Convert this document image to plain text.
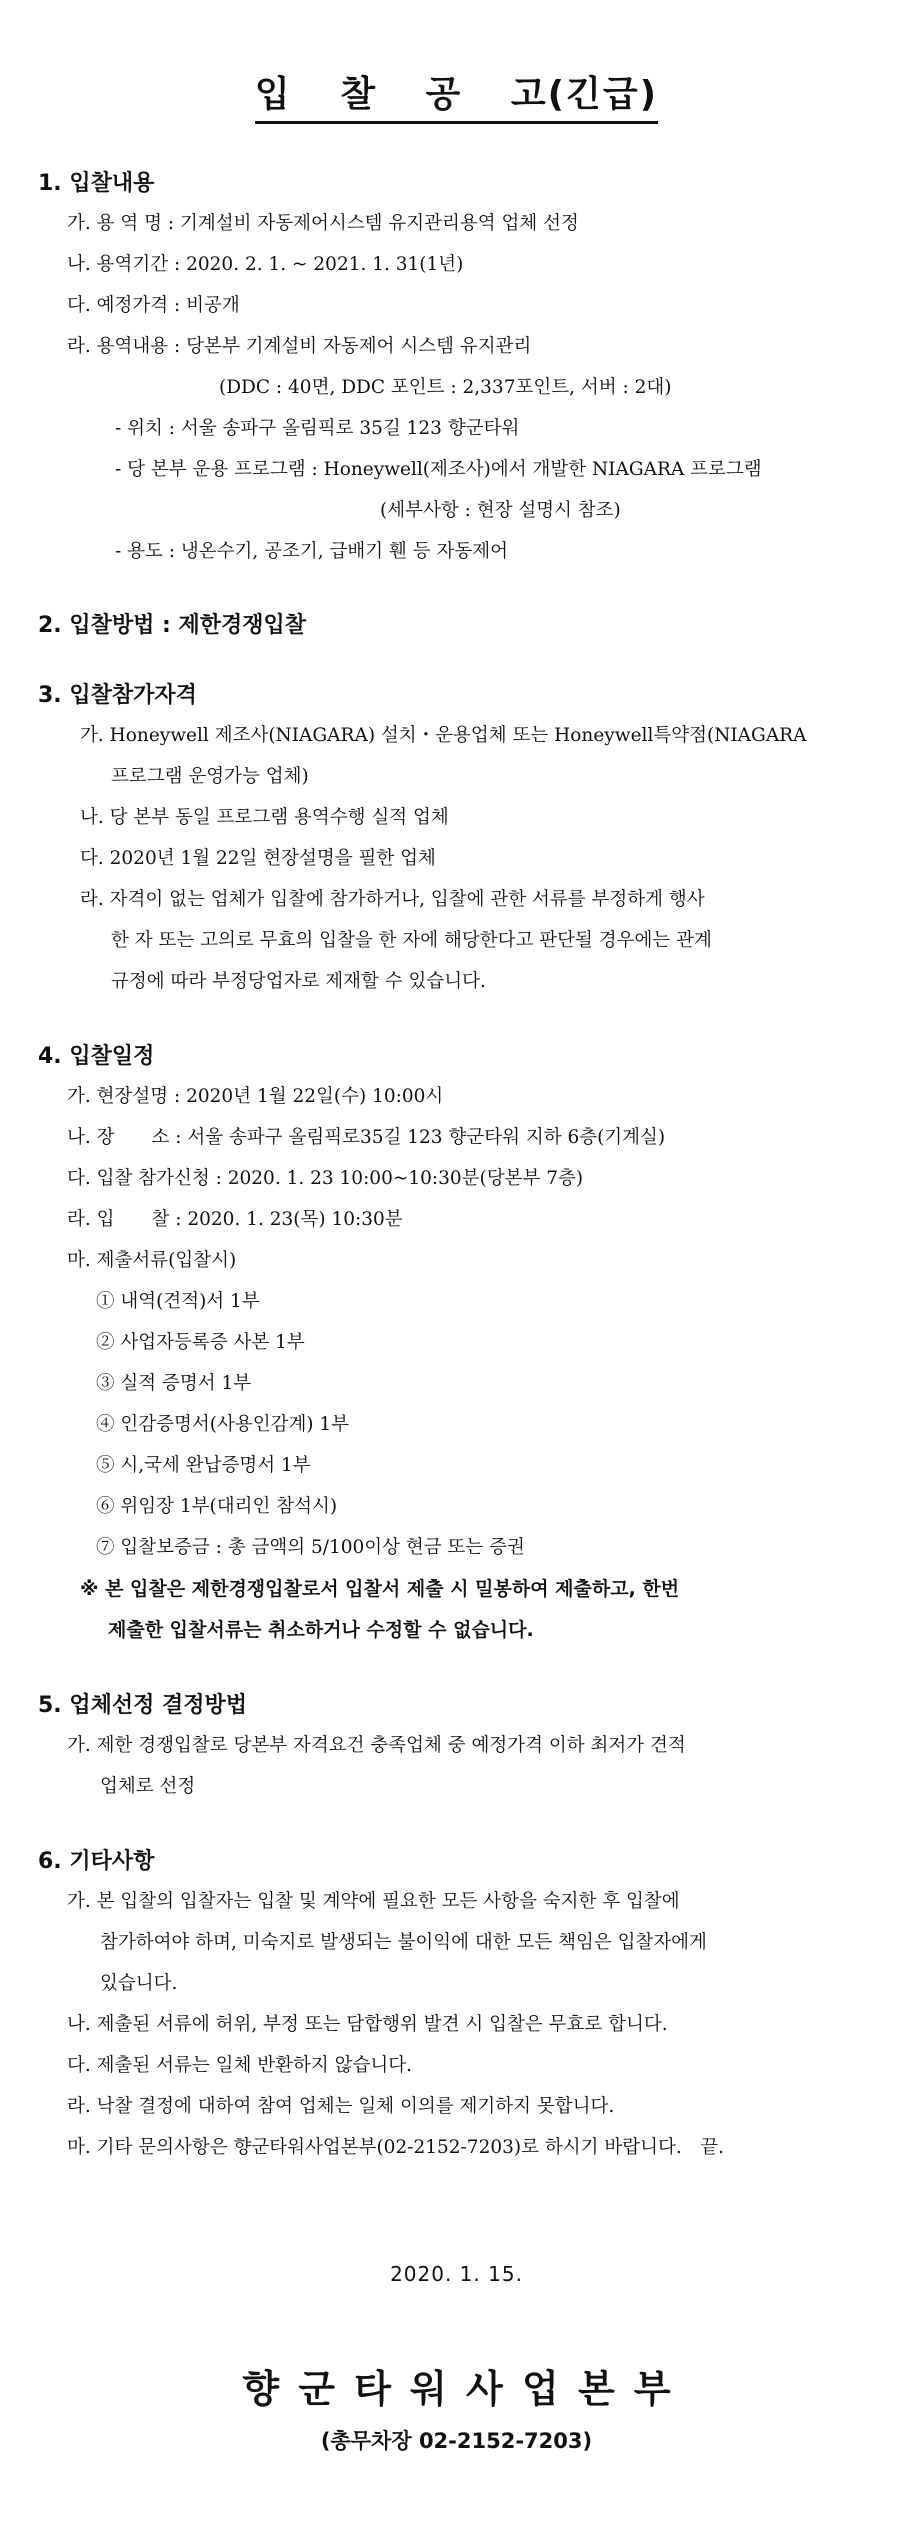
입 찰 공 고(긴급)
1. 입찰내용
가. 용 역 명 : 기계설비 자동제어시스템 유지관리용역 업체 선정
나. 용역기간 : 2020. 2. 1. ~ 2021. 1. 31(1년)
다. 예정가격 : 비공개
라. 용역내용 : 당본부 기계설비 자동제어 시스템 유지관리
(DDC : 40면, DDC 포인트 : 2,337포인트, 서버 : 2대)
- 위치 : 서울 송파구 올림픽로 35길 123 향군타워
- 당 본부 운용 프로그램 : Honeywell(제조사)에서 개발한 NIAGARA 프로그램
(세부사항 : 현장 설명시 참조)
- 용도 : 냉온수기, 공조기, 급배기 휀 등 자동제어
2. 입찰방법 : 제한경쟁입찰
3. 입찰참가자격
가. Honeywell 제조사(NIAGARA) 설치・운용업체 또는 Honeywell특약점(NIAGARA
프로그램 운영가능 업체)
나. 당 본부 동일 프로그램 용역수행 실적 업체
다. 2020년 1월 22일 현장설명을 필한 업체
라. 자격이 없는 업체가 입찰에 참가하거나, 입찰에 관한 서류를 부정하게 행사
한 자 또는 고의로 무효의 입찰을 한 자에 해당한다고 판단될 경우에는 관계
규정에 따라 부정당업자로 제재할 수 있습니다.
4. 입찰일정
가. 현장설명 : 2020년 1월 22일(수) 10:00시
나. 장　　소 : 서울 송파구 올림픽로35길 123 향군타워 지하 6층(기계실)
다. 입찰 참가신청 : 2020. 1. 23 10:00~10:30분(당본부 7층)
라. 입　　찰 : 2020. 1. 23(목) 10:30분
마. 제출서류(입찰시)
① 내역(견적)서 1부
② 사업자등록증 사본 1부
③ 실적 증명서 1부
④ 인감증명서(사용인감계) 1부
⑤ 시,국세 완납증명서 1부
⑥ 위임장 1부(대리인 참석시)
⑦ 입찰보증금 : 총 금액의 5/100이상 현금 또는 증권
※ 본 입찰은 제한경쟁입찰로서 입찰서 제출 시 밀봉하여 제출하고, 한번
제출한 입찰서류는 취소하거나 수정할 수 없습니다.
5. 업체선정 결정방법
가. 제한 경쟁입찰로 당본부 자격요건 충족업체 중 예정가격 이하 최저가 견적
업체로 선정
6. 기타사항
가. 본 입찰의 입찰자는 입찰 및 계약에 필요한 모든 사항을 숙지한 후 입찰에
참가하여야 하며, 미숙지로 발생되는 불이익에 대한 모든 책임은 입찰자에게
있습니다.
나. 제출된 서류에 허위, 부정 또는 담합행위 발견 시 입찰은 무효로 합니다.
다. 제출된 서류는 일체 반환하지 않습니다.
라. 낙찰 결정에 대하여 참여 업체는 일체 이의를 제기하지 못합니다.
마. 기타 문의사항은 향군타워사업본부(02-2152-7203)로 하시기 바랍니다.　끝.
2020. 1. 15.
향 군 타 워 사 업 본 부
(총무차장 02-2152-7203)
